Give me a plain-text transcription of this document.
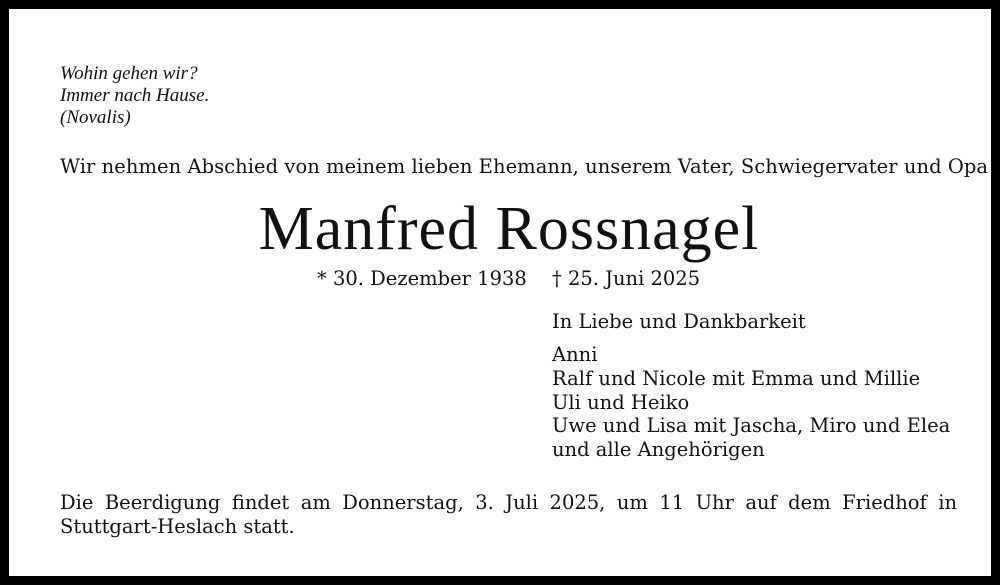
Wohin gehen wir?
Immer nach Hause.
(Novalis)
Wir nehmen Abschied von meinem lieben Ehemann, unserem Vater, Schwiegervater und Opa
Manfred Rossnagel
* 30. Dezember 1938 † 25. Juni 2025
In Liebe und Dankbarkeit
Anni
Ralf und Nicole mit Emma und Millie
Uli und Heiko
Uwe und Lisa mit Jascha, Miro und Elea
und alle Angehörigen
Die Beerdigung findet am Donnerstag, 3. Juli 2025, um 11 Uhr auf dem Friedhof in
Stuttgart-Heslach statt.
